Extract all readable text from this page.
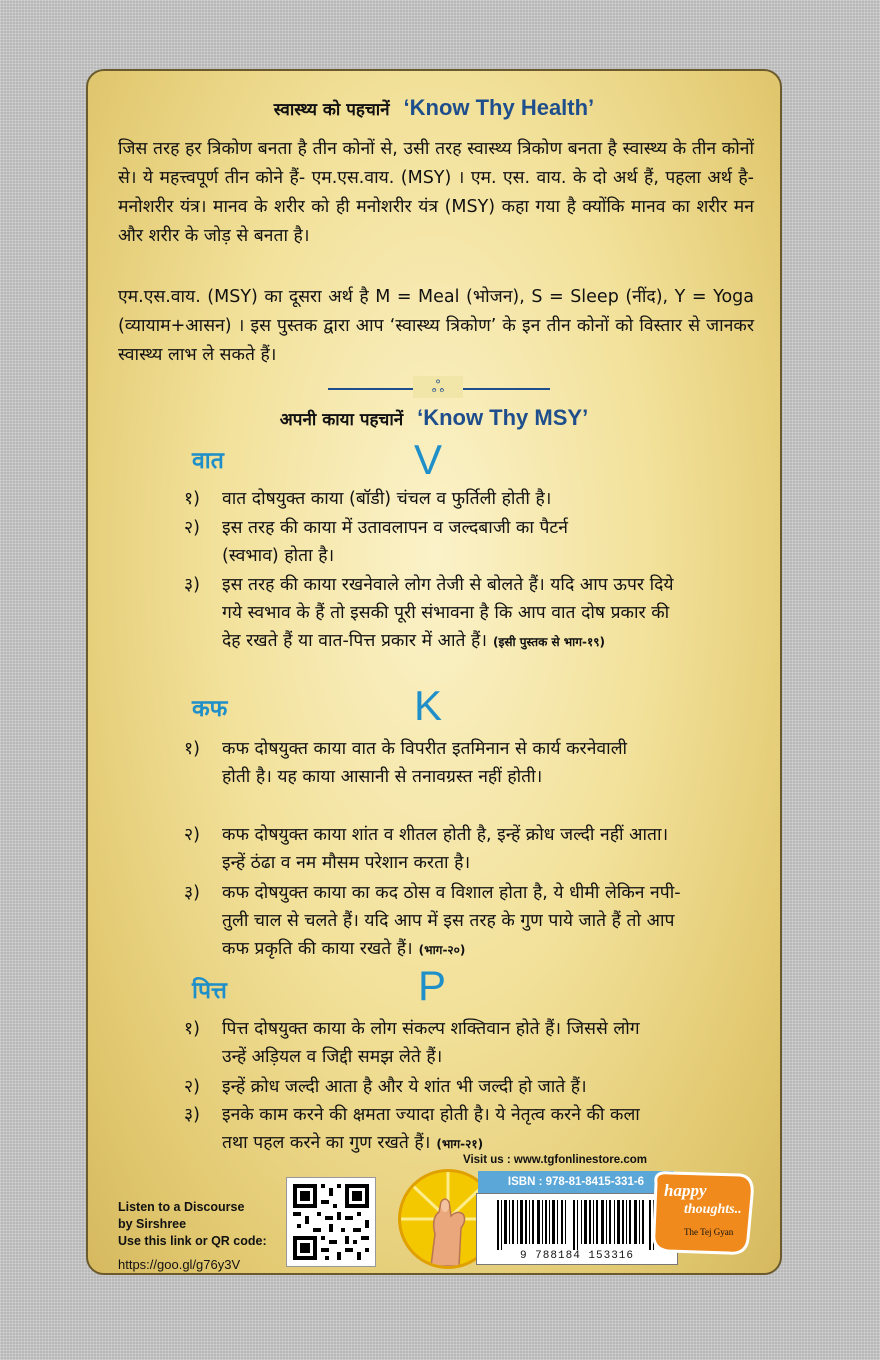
स्वास्थ्य को पहचानें ‘Know Thy Health’

जिस तरह हर त्रिकोण बनता है तीन कोनों से, उसी तरह स्वास्थ्य त्रिकोण बनता है स्वास्थ्य के तीन कोनों से। ये महत्त्वपूर्ण तीन कोने हैं- एम.एस.वाय. (MSY) । एम. एस. वाय. के दो अर्थ हैं, पहला अर्थ है- मनोशरीर यंत्र। मानव के शरीर को ही मनोशरीर यंत्र (MSY) कहा गया है क्योंकि मानव का शरीर मन और शरीर के जोड़ से बनता है।

एम.एस.वाय. (MSY) का दूसरा अर्थ है M = Meal (भोजन), S = Sleep (नींद), Y = Yoga (व्यायाम+आसन) । इस पुस्तक द्वारा आप ‘स्वास्थ्य त्रिकोण’ के इन तीन कोनों को विस्तार से जानकर स्वास्थ्य लाभ ले सकते हैं।

ஃ
अपनी काया पहचानें ‘Know Thy MSY’
वात	V
१) वात दोषयुक्त काया (बॉडी) चंचल व फुर्तिली होती है।
२) इस तरह की काया में उतावलापन व जल्दबाजी का पैटर्न (स्वभाव) होता है।
३) इस तरह की काया रखनेवाले लोग तेजी से बोलते हैं। यदि आप ऊपर दिये गये स्वभाव के हैं तो इसकी पूरी संभावना है कि आप वात दोष प्रकार की देह रखते हैं या वात-पित्त प्रकार में आते हैं। (इसी पुस्तक से भाग-१९)
कफ	K
१) कफ दोषयुक्त काया वात के विपरीत इतमिनान से कार्य करनेवाली होती है। यह काया आसानी से तनावग्रस्त नहीं होती।
२) कफ दोषयुक्त काया शांत व शीतल होती है, इन्हें क्रोध जल्दी नहीं आता। इन्हें ठंढा व नम मौसम परेशान करता है।
३) कफ दोषयुक्त काया का कद ठोस व विशाल होता है, ये धीमी लेकिन नपी-तुली चाल से चलते हैं। यदि आप में इस तरह के गुण पाये जाते हैं तो आप कफ प्रकृति की काया रखते हैं। (भाग-२०)
पित्त	P
१) पित्त दोषयुक्त काया के लोग संकल्प शक्तिवान होते हैं। जिससे लोग उन्हें अड़ियल व जिद्दी समझ लेते हैं।
२) इन्हें क्रोध जल्दी आता है और ये शांत भी जल्दी हो जाते हैं।
३) इनके काम करने की क्षमता ज्यादा होती है। ये नेतृत्व करने की कला तथा पहल करने का गुण रखते हैं। (भाग-२१)
Listen to a Discourse
by Sirshree
Use this link or QR code:
https://goo.gl/g76y3V
Visit us : www.tgfonlinestore.com
ISBN : 978-81-8415-331-6
9 788184 153316
happy
thoughts..
The Tej Gyan
